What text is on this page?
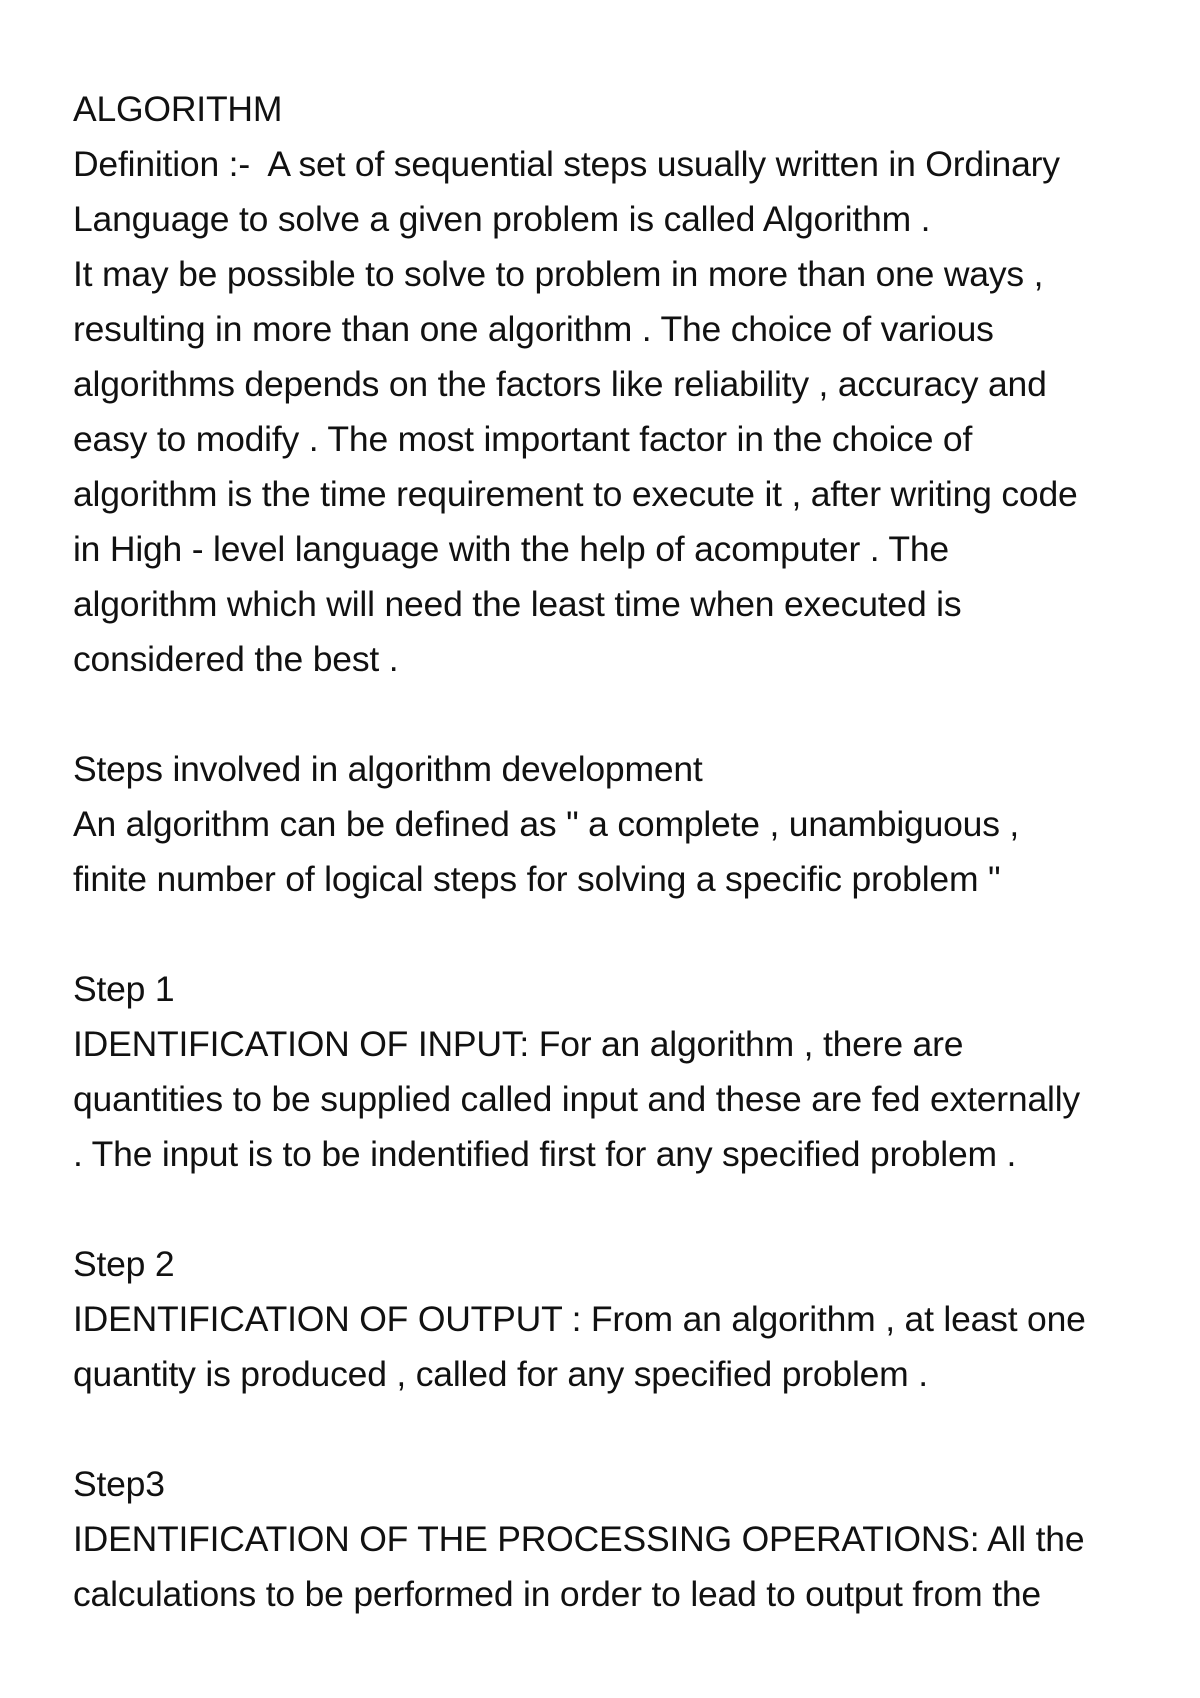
ALGORITHM
Definition :-  A set of sequential steps usually written in Ordinary
Language to solve a given problem is called Algorithm .
It may be possible to solve to problem in more than one ways ,
resulting in more than one algorithm . The choice of various
algorithms depends on the factors like reliability , accuracy and
easy to modify . The most important factor in the choice of
algorithm is the time requirement to execute it , after writing code
in High - level language with the help of acomputer . The
algorithm which will need the least time when executed is
considered the best .
Steps involved in algorithm development
An algorithm can be defined as " a complete , unambiguous ,
finite number of logical steps for solving a specific problem "
Step 1
IDENTIFICATION OF INPUT: For an algorithm , there are
quantities to be supplied called input and these are fed externally
. The input is to be indentified first for any specified problem .
Step 2
IDENTIFICATION OF OUTPUT : From an algorithm , at least one
quantity is produced , called for any specified problem .
Step3
IDENTIFICATION OF THE PROCESSING OPERATIONS: All the
calculations to be performed in order to lead to output from the
